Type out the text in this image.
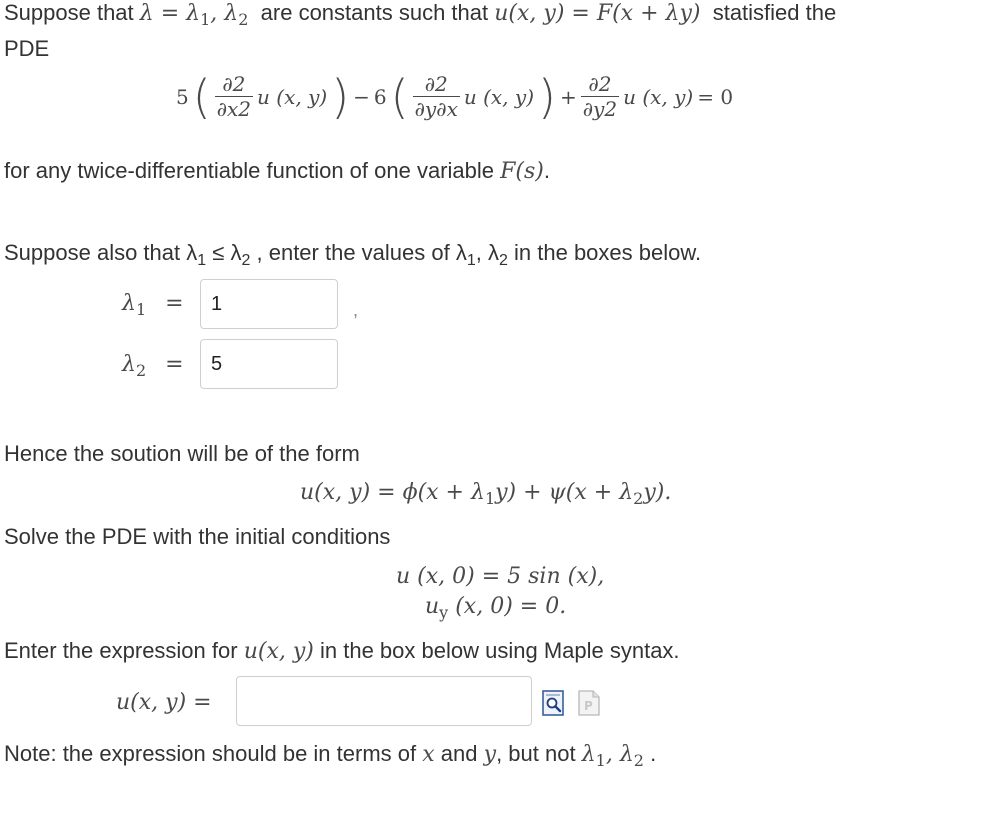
Suppose that $\lambda = \lambda_1$, $\lambda_2$ are constants such that u(x, y) = F(x + λy) statisfied the
PDE
5 ( $\frac{\partial 2}{\partial x2}$ u (x, y) ) − 6 ( $\frac{\partial 2}{\partial y\partial x}$ u (x, y) ) + $\frac{\partial 2}{\partial y2}$ u (x, y) = 0
for any twice-differentiable function of one variable F(s).
Suppose also that $\lambda_1 \le \lambda_2$ , enter the values of $\lambda_1$, $\lambda_2$ in the boxes below.
$\lambda_1$ =
1	,
$\lambda_2$ =
5
Hence the soution will be of the form
u(x, $y) = \phi(x + \lambda_1y) + \psi(x + \lambda_2y)$.
Solve the PDE with the initial conditions
u (x, 0) = 5 sin (x),
$u_y$ (x, 0) = 0.
Enter the expression for u(x, y) in the box below using Maple syntax.
u(x, y) =	P
Note: the expression should be in terms of x and y, but not $\lambda_1$, $\lambda_2$ .
